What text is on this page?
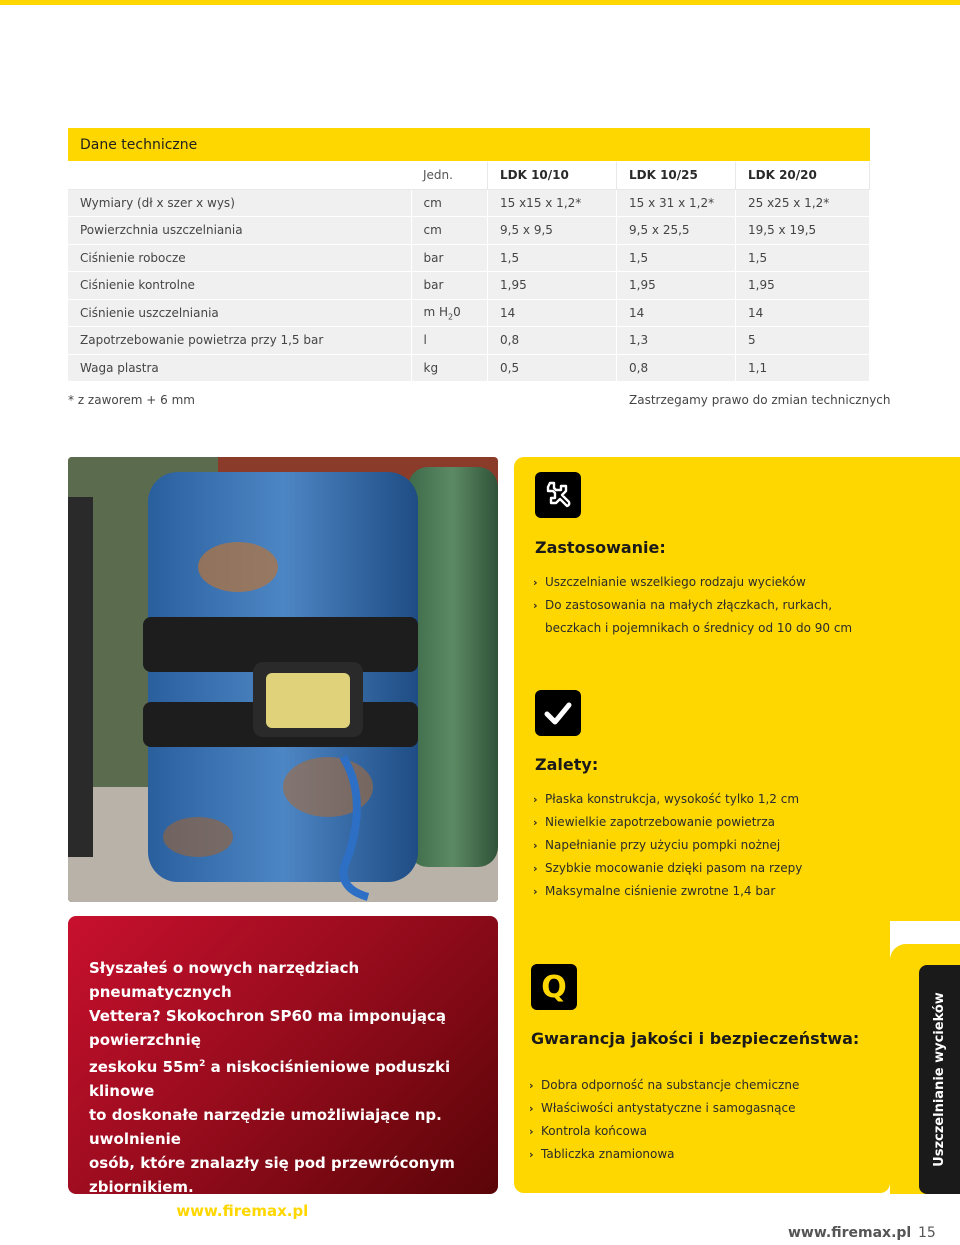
Dane techniczne
	Jedn.	LDK 10/10	LDK 10/25	LDK 20/20
Wymiary (dł x szer x wys)	cm	15 x15 x 1,2*	15 x 31 x 1,2*	25 x25 x 1,2*
Powierzchnia uszczelniania	cm	9,5 x 9,5	9,5 x 25,5	19,5 x 19,5
Ciśnienie robocze	bar	1,5	1,5	1,5
Ciśnienie kontrolne	bar	1,95	1,95	1,95
Ciśnienie uszczelniania	m $H_20$	14	14	14
Zapotrzebowanie powietrza przy 1,5 bar	l	0,8	1,3	5
Waga plastra	kg	0,5	0,8	1,1
* z zaworem + 6 mm	Zastrzegamy prawo do zmian technicznych
Zastosowanie:
› Uszczelnianie wszelkiego rodzaju wycieków
› Do zastosowania na małych złączkach, rurkach,
beczkach i pojemnikach o średnicy od 10 do 90 cm
Zalety:
› Płaska konstrukcja, wysokość tylko 1,2 cm
› Niewielkie zapotrzebowanie powietrza
› Napełnianie przy użyciu pompki nożnej
› Szybkie mocowanie dzięki pasom na rzepy
› Maksymalne ciśnienie zwrotne 1,4 bar
Q
Gwarancja jakości i bezpieczeństwa:
› Dobra odporność na substancje chemiczne
› Właściwości antystatyczne i samogasnące
› Kontrola końcowa
› Tabliczka znamionowa
Słyszałeś o nowych narzędziach pneumatycznych
Vettera? Skokochron SP60 ma imponującą powierzchnię
zeskoku $55m^2$ a niskociśnieniowe poduszki klinowe
to doskonałe narzędzie umożliwiające np. uwolnienie
osób, które znalazły się pod przewróconym
zbiornikiem.
Więcej na www.firemax.pl
Uszczelnianie wycieków
www.firemax.pl 15
